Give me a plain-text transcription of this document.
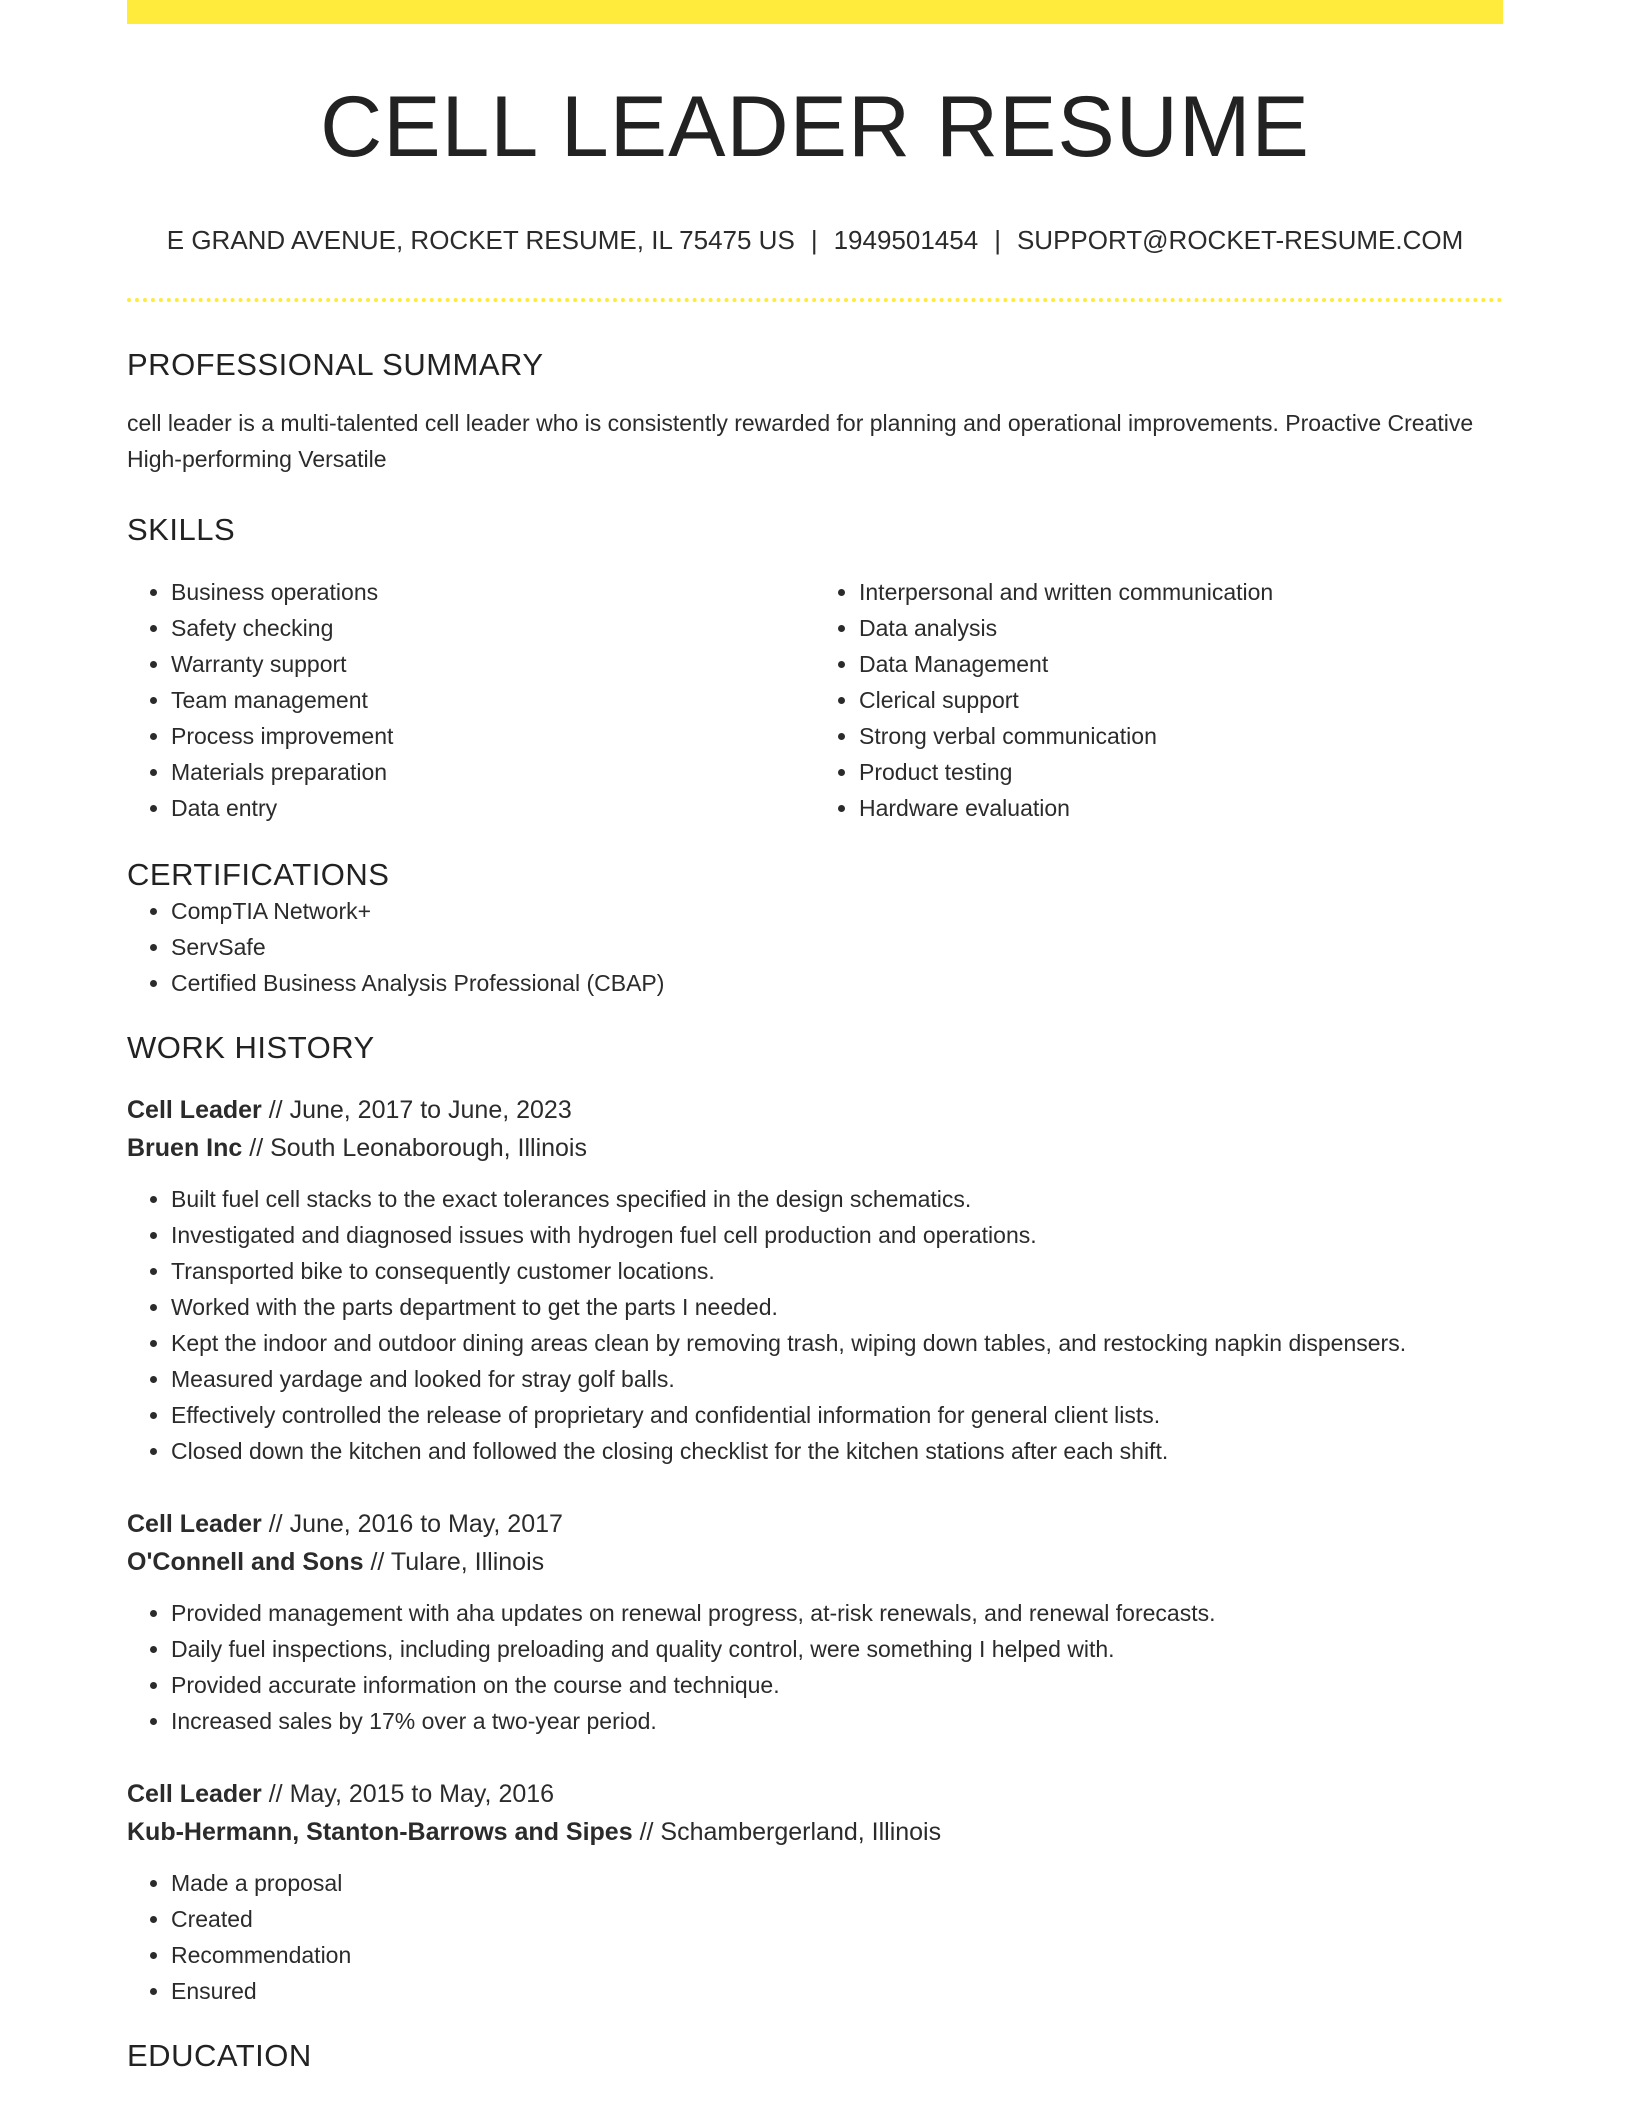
CELL LEADER RESUME
E GRAND AVENUE, ROCKET RESUME, IL 75475 US | 1949501454 | SUPPORT@ROCKET-RESUME.COM
PROFESSIONAL SUMMARY

cell leader is a multi-talented cell leader who is consistently rewarded for planning and operational improvements. Proactive Creative High-performing Versatile

SKILLS
• Business operations
• Safety checking
• Warranty support
• Team management
• Process improvement
• Materials preparation
• Data entry
• Interpersonal and written communication
• Data analysis
• Data Management
• Clerical support
• Strong verbal communication
• Product testing
• Hardware evaluation
CERTIFICATIONS
• CompTIA Network+
• ServSafe
• Certified Business Analysis Professional (CBAP)
WORK HISTORY
Cell Leader // June, 2017 to June, 2023
Bruen Inc // South Leonaborough, Illinois
• Built fuel cell stacks to the exact tolerances specified in the design schematics.
• Investigated and diagnosed issues with hydrogen fuel cell production and operations.
• Transported bike to consequently customer locations.
• Worked with the parts department to get the parts I needed.
• Kept the indoor and outdoor dining areas clean by removing trash, wiping down tables, and restocking napkin dispensers.
• Measured yardage and looked for stray golf balls.
• Effectively controlled the release of proprietary and confidential information for general client lists.
• Closed down the kitchen and followed the closing checklist for the kitchen stations after each shift.
Cell Leader // June, 2016 to May, 2017
O'Connell and Sons // Tulare, Illinois
• Provided management with aha updates on renewal progress, at-risk renewals, and renewal forecasts.
• Daily fuel inspections, including preloading and quality control, were something I helped with.
• Provided accurate information on the course and technique.
• Increased sales by 17% over a two-year period.
Cell Leader // May, 2015 to May, 2016
Kub-Hermann, Stanton-Barrows and Sipes // Schambergerland, Illinois
• Made a proposal
• Created
• Recommendation
• Ensured
EDUCATION
